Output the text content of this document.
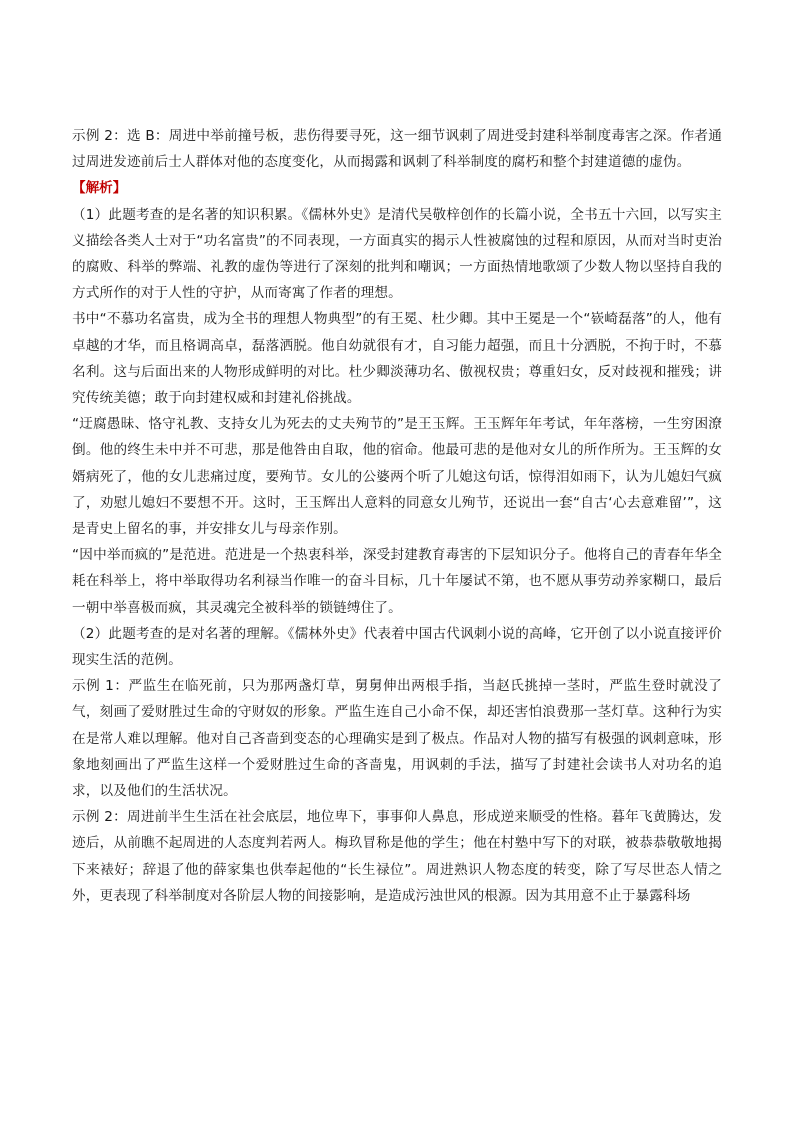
示例 2：选 B：周进中举前撞号板，悲伤得要寻死，这一细节讽刺了周进受封建科举制度毒害之深。作者通过周进发迹前后士人群体对他的态度变化，从而揭露和讽刺了科举制度的腐朽和整个封建道德的虚伪。

【解析】

（1）此题考查的是名著的知识积累。《儒林外史》是清代吴敬梓创作的长篇小说，全书五十六回，以写实主义描绘各类人士对于“功名富贵”的不同表现，一方面真实的揭示人性被腐蚀的过程和原因，从而对当时吏治的腐败、科举的弊端、礼教的虚伪等进行了深刻的批判和嘲讽；一方面热情地歌颂了少数人物以坚持自我的方式所作的对于人性的守护，从而寄寓了作者的理想。

书中“不慕功名富贵，成为全书的理想人物典型”的有王冕、杜少卿。其中王冕是一个“嵚崎磊落”的人，他有卓越的才华，而且格调高卓，磊落洒脱。他自幼就很有才，自习能力超强，而且十分洒脱，不拘于时，不慕名利。这与后面出来的人物形成鲜明的对比。杜少卿淡薄功名、傲视权贵；尊重妇女，反对歧视和摧残；讲究传统美德；敢于向封建权威和封建礼俗挑战。

“迂腐愚昧、恪守礼教、支持女儿为死去的丈夫殉节的”是王玉辉。王玉辉年年考试，年年落榜，一生穷困潦倒。他的终生未中并不可悲，那是他咎由自取，他的宿命。他最可悲的是他对女儿的所作所为。王玉辉的女婿病死了，他的女儿悲痛过度，要殉节。女儿的公婆两个听了儿媳这句话，惊得泪如雨下，认为儿媳妇气疯了，劝慰儿媳妇不要想不开。这时，王玉辉出人意料的同意女儿殉节，还说出一套“自古‘心去意难留’”，这是青史上留名的事，并安排女儿与母亲作别。

“因中举而疯的”是范进。范进是一个热衷科举，深受封建教育毒害的下层知识分子。他将自己的青春年华全耗在科举上，将中举取得功名利禄当作唯一的奋斗目标，几十年屡试不第，也不愿从事劳动养家糊口，最后一朝中举喜极而疯，其灵魂完全被科举的锁链缚住了。

（2）此题考查的是对名著的理解。《儒林外史》代表着中国古代讽刺小说的高峰，它开创了以小说直接评价现实生活的范例。

示例 1：严监生在临死前，只为那两盏灯草，舅舅伸出两根手指，当赵氏挑掉一茎时，严监生登时就没了气，刻画了爱财胜过生命的守财奴的形象。严监生连自己小命不保，却还害怕浪费那一茎灯草。这种行为实在是常人难以理解。他对自己吝啬到变态的心理确实是到了极点。作品对人物的描写有极强的讽刺意味，形象地刻画出了严监生这样一个爱财胜过生命的吝啬鬼，用讽刺的手法，描写了封建社会读书人对功名的追求，以及他们的生活状况。

示例 2：周进前半生生活在社会底层，地位卑下，事事仰人鼻息，形成逆来顺受的性格。暮年飞黄腾达，发迹后，从前瞧不起周进的人态度判若两人。梅玖冒称是他的学生；他在村塾中写下的对联，被恭恭敬敬地揭下来裱好；辞退了他的薛家集也供奉起他的“长生禄位”。周进熟识人物态度的转变，除了写尽世态人情之外，更表现了科举制度对各阶层人物的间接影响，是造成污浊世风的根源。因为其用意不止于暴露科场
